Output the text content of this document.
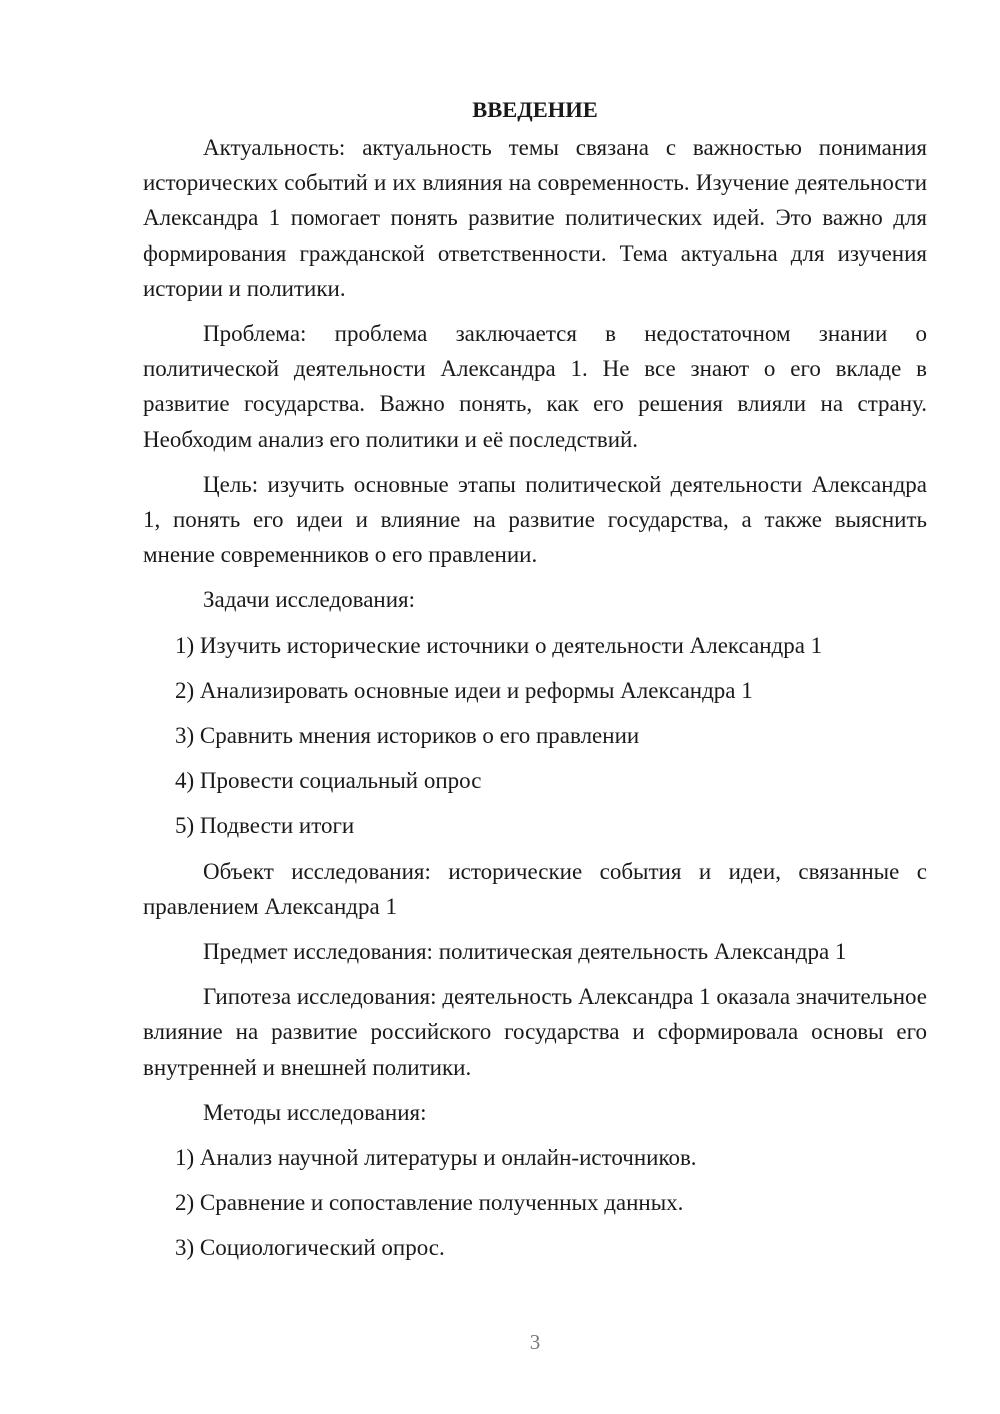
ВВЕДЕНИЕ

Актуальность: актуальность темы связана с важностью понимания исторических событий и их влияния на современность. Изучение деятельности Александра 1 помогает понять развитие политических идей. Это важно для формирования гражданской ответственности. Тема актуальна для изучения истории и политики.

Проблема: проблема заключается в недостаточном знании о политической деятельности Александра 1. Не все знают о его вкладе в развитие государства. Важно понять, как его решения влияли на страну. Необходим анализ его политики и её последствий.

Цель: изучить основные этапы политической деятельности Александра 1, понять его идеи и влияние на развитие государства, а также выяснить мнение современников о его правлении.

Задачи исследования:

1) Изучить исторические источники о деятельности Александра 1

2) Анализировать основные идеи и реформы Александра 1

3) Сравнить мнения историков о его правлении

4) Провести социальный опрос

5) Подвести итоги

Объект исследования: исторические события и идеи, связанные с правлением Александра 1

Предмет исследования: политическая деятельность Александра 1

Гипотеза исследования: деятельность Александра 1 оказала значительное влияние на развитие российского государства и сформировала основы его внутренней и внешней политики.

Методы исследования:

1) Анализ научной литературы и онлайн-источников.

2) Сравнение и сопоставление полученных данных.

3) Социологический опрос.

3
